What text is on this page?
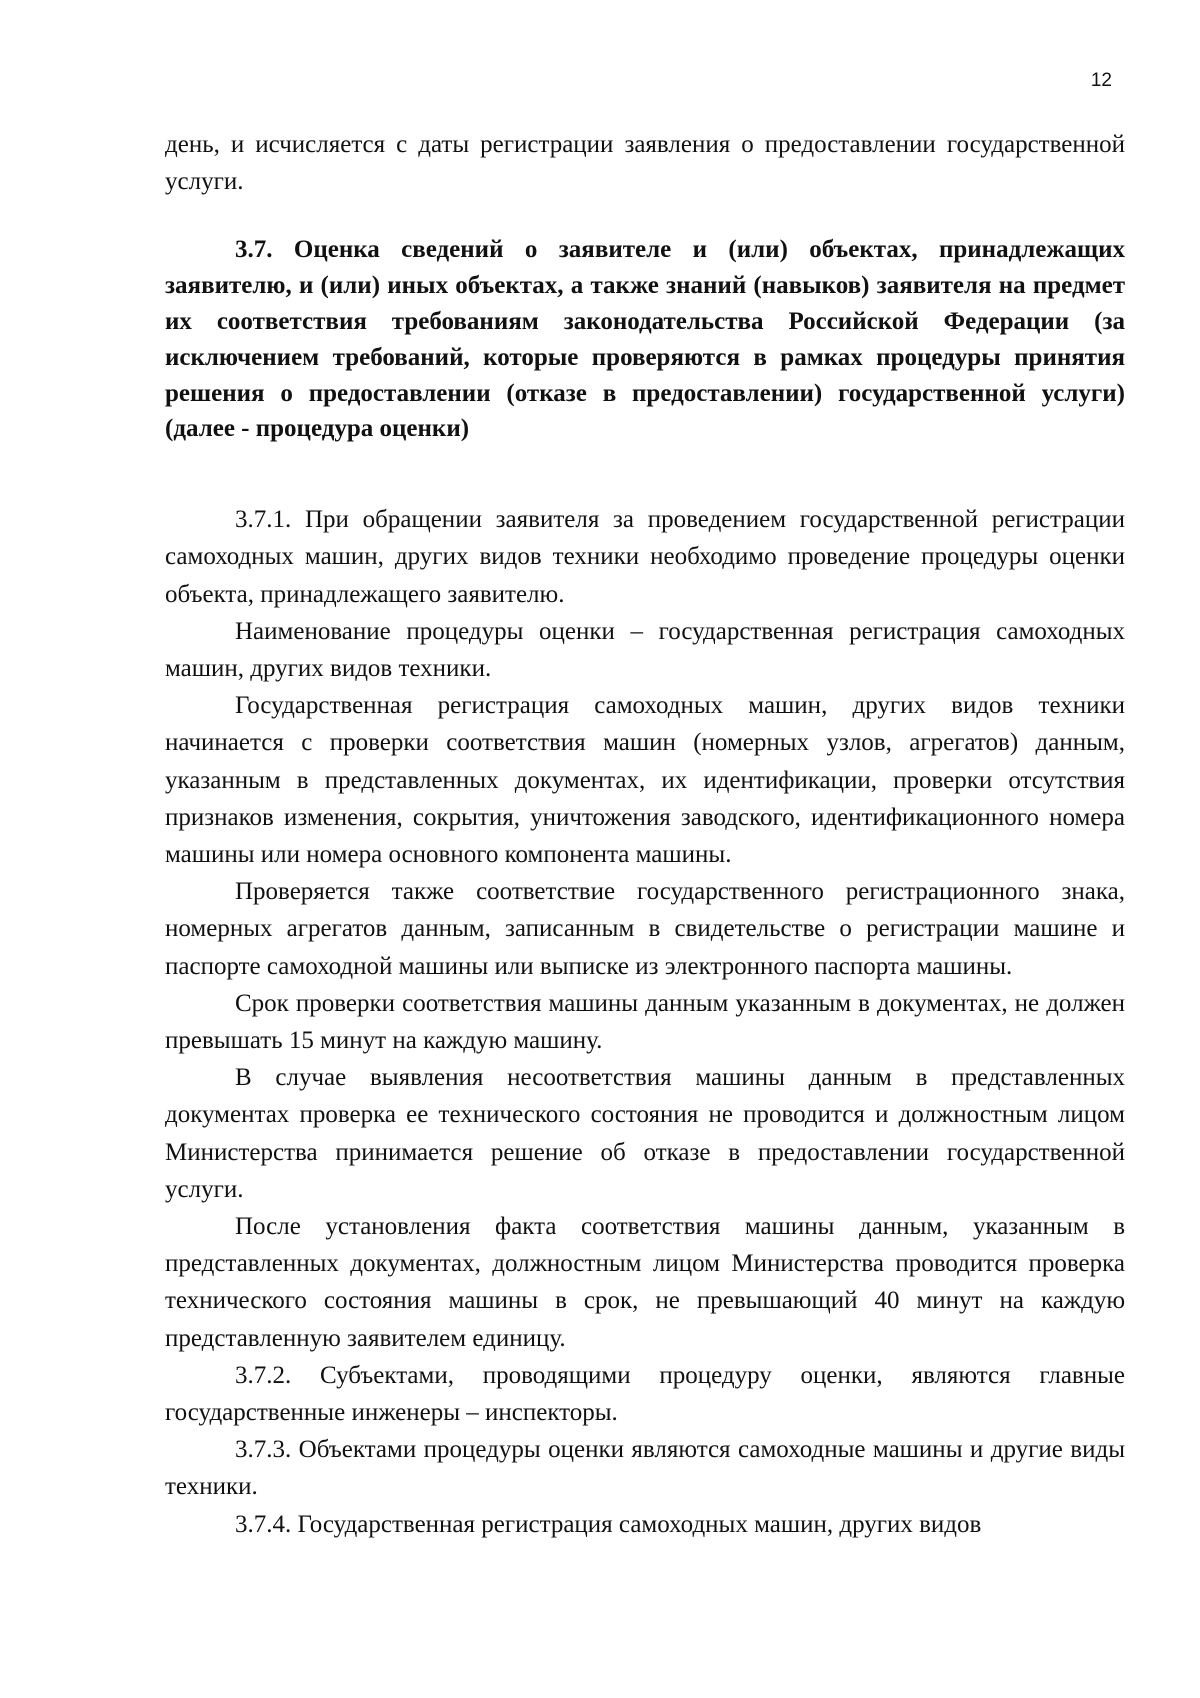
12

день, и исчисляется с даты регистрации заявления о предоставлении государственной услуги.

3.7. Оценка сведений о заявителе и (или) объектах, принадлежащих заявителю, и (или) иных объектах, а также знаний (навыков) заявителя на предмет их соответствия требованиям законодательства Российской Федерации (за исключением требований, которые проверяются в рамках процедуры принятия решения о предоставлении (отказе в предоставлении) государственной услуги) (далее - процедура оценки)

3.7.1. При обращении заявителя за проведением государственной регистрации самоходных машин, других видов техники необходимо проведение процедуры оценки объекта, принадлежащего заявителю.

Наименование процедуры оценки – государственная регистрация самоходных машин, других видов техники.

Государственная регистрация самоходных машин, других видов техники начинается с проверки соответствия машин (номерных узлов, агрегатов) данным, указанным в представленных документах, их идентификации, проверки отсутствия признаков изменения, сокрытия, уничтожения заводского, идентификационного номера машины или номера основного компонента машины.

Проверяется также соответствие государственного регистрационного знака, номерных агрегатов данным, записанным в свидетельстве о регистрации машине и паспорте самоходной машины или выписке из электронного паспорта машины.

Срок проверки соответствия машины данным указанным в документах, не должен превышать 15 минут на каждую машину.

В случае выявления несоответствия машины данным в представленных документах проверка ее технического состояния не проводится и должностным лицом Министерства принимается решение об отказе в предоставлении государственной услуги.

После установления факта соответствия машины данным, указанным в представленных документах, должностным лицом Министерства проводится проверка технического состояния машины в срок, не превышающий 40 минут на каждую представленную заявителем единицу.

3.7.2. Субъектами, проводящими процедуру оценки, являются главные государственные инженеры – инспекторы.

3.7.3. Объектами процедуры оценки являются самоходные машины и другие виды техники.

3.7.4. Государственная регистрация самоходных машин, других видов
